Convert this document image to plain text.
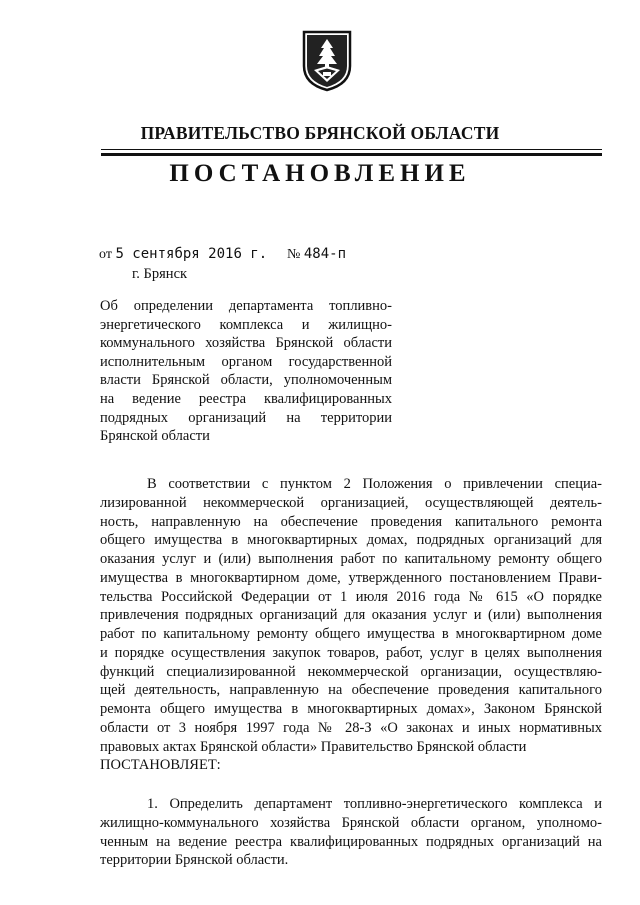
ПРАВИТЕЛЬСТВО БРЯНСКОЙ ОБЛАСТИ
ПОСТАНОВЛЕНИЕ
от 5 сентября 2016 г. № 484-п
г. Брянск
Об определении департамента топливно-
энергетического комплекса и жилищно-
коммунального хозяйства Брянской области
исполнительным органом государственной
власти Брянской области, уполномоченным
на ведение реестра квалифицированных
подрядных организаций на территории
Брянской области
В соответствии с пунктом 2 Положения о привлечении специа-
лизированной некоммерческой организацией, осуществляющей деятель-
ность, направленную на обеспечение проведения капитального ремонта
общего имущества в многоквартирных домах, подрядных организаций для
оказания услуг и (или) выполнения работ по капитальному ремонту общего
имущества в многоквартирном доме, утвержденного постановлением Прави-
тельства Российской Федерации от 1 июля 2016 года № 615 «О порядке
привлечения подрядных организаций для оказания услуг и (или) выполнения
работ по капитальному ремонту общего имущества в многоквартирном доме
и порядке осуществления закупок товаров, работ, услуг в целях выполнения
функций специализированной некоммерческой организации, осуществляю-
щей деятельность, направленную на обеспечение проведения капитального
ремонта общего имущества в многоквартирных домах», Законом Брянской
области от 3 ноября 1997 года № 28-З «О законах и иных нормативных
правовых актах Брянской области» Правительство Брянской области
ПОСТАНОВЛЯЕТ:
1. Определить департамент топливно-энергетического комплекса и
жилищно-коммунального хозяйства Брянской области органом, уполномо-
ченным на ведение реестра квалифицированных подрядных организаций на
территории Брянской области.
